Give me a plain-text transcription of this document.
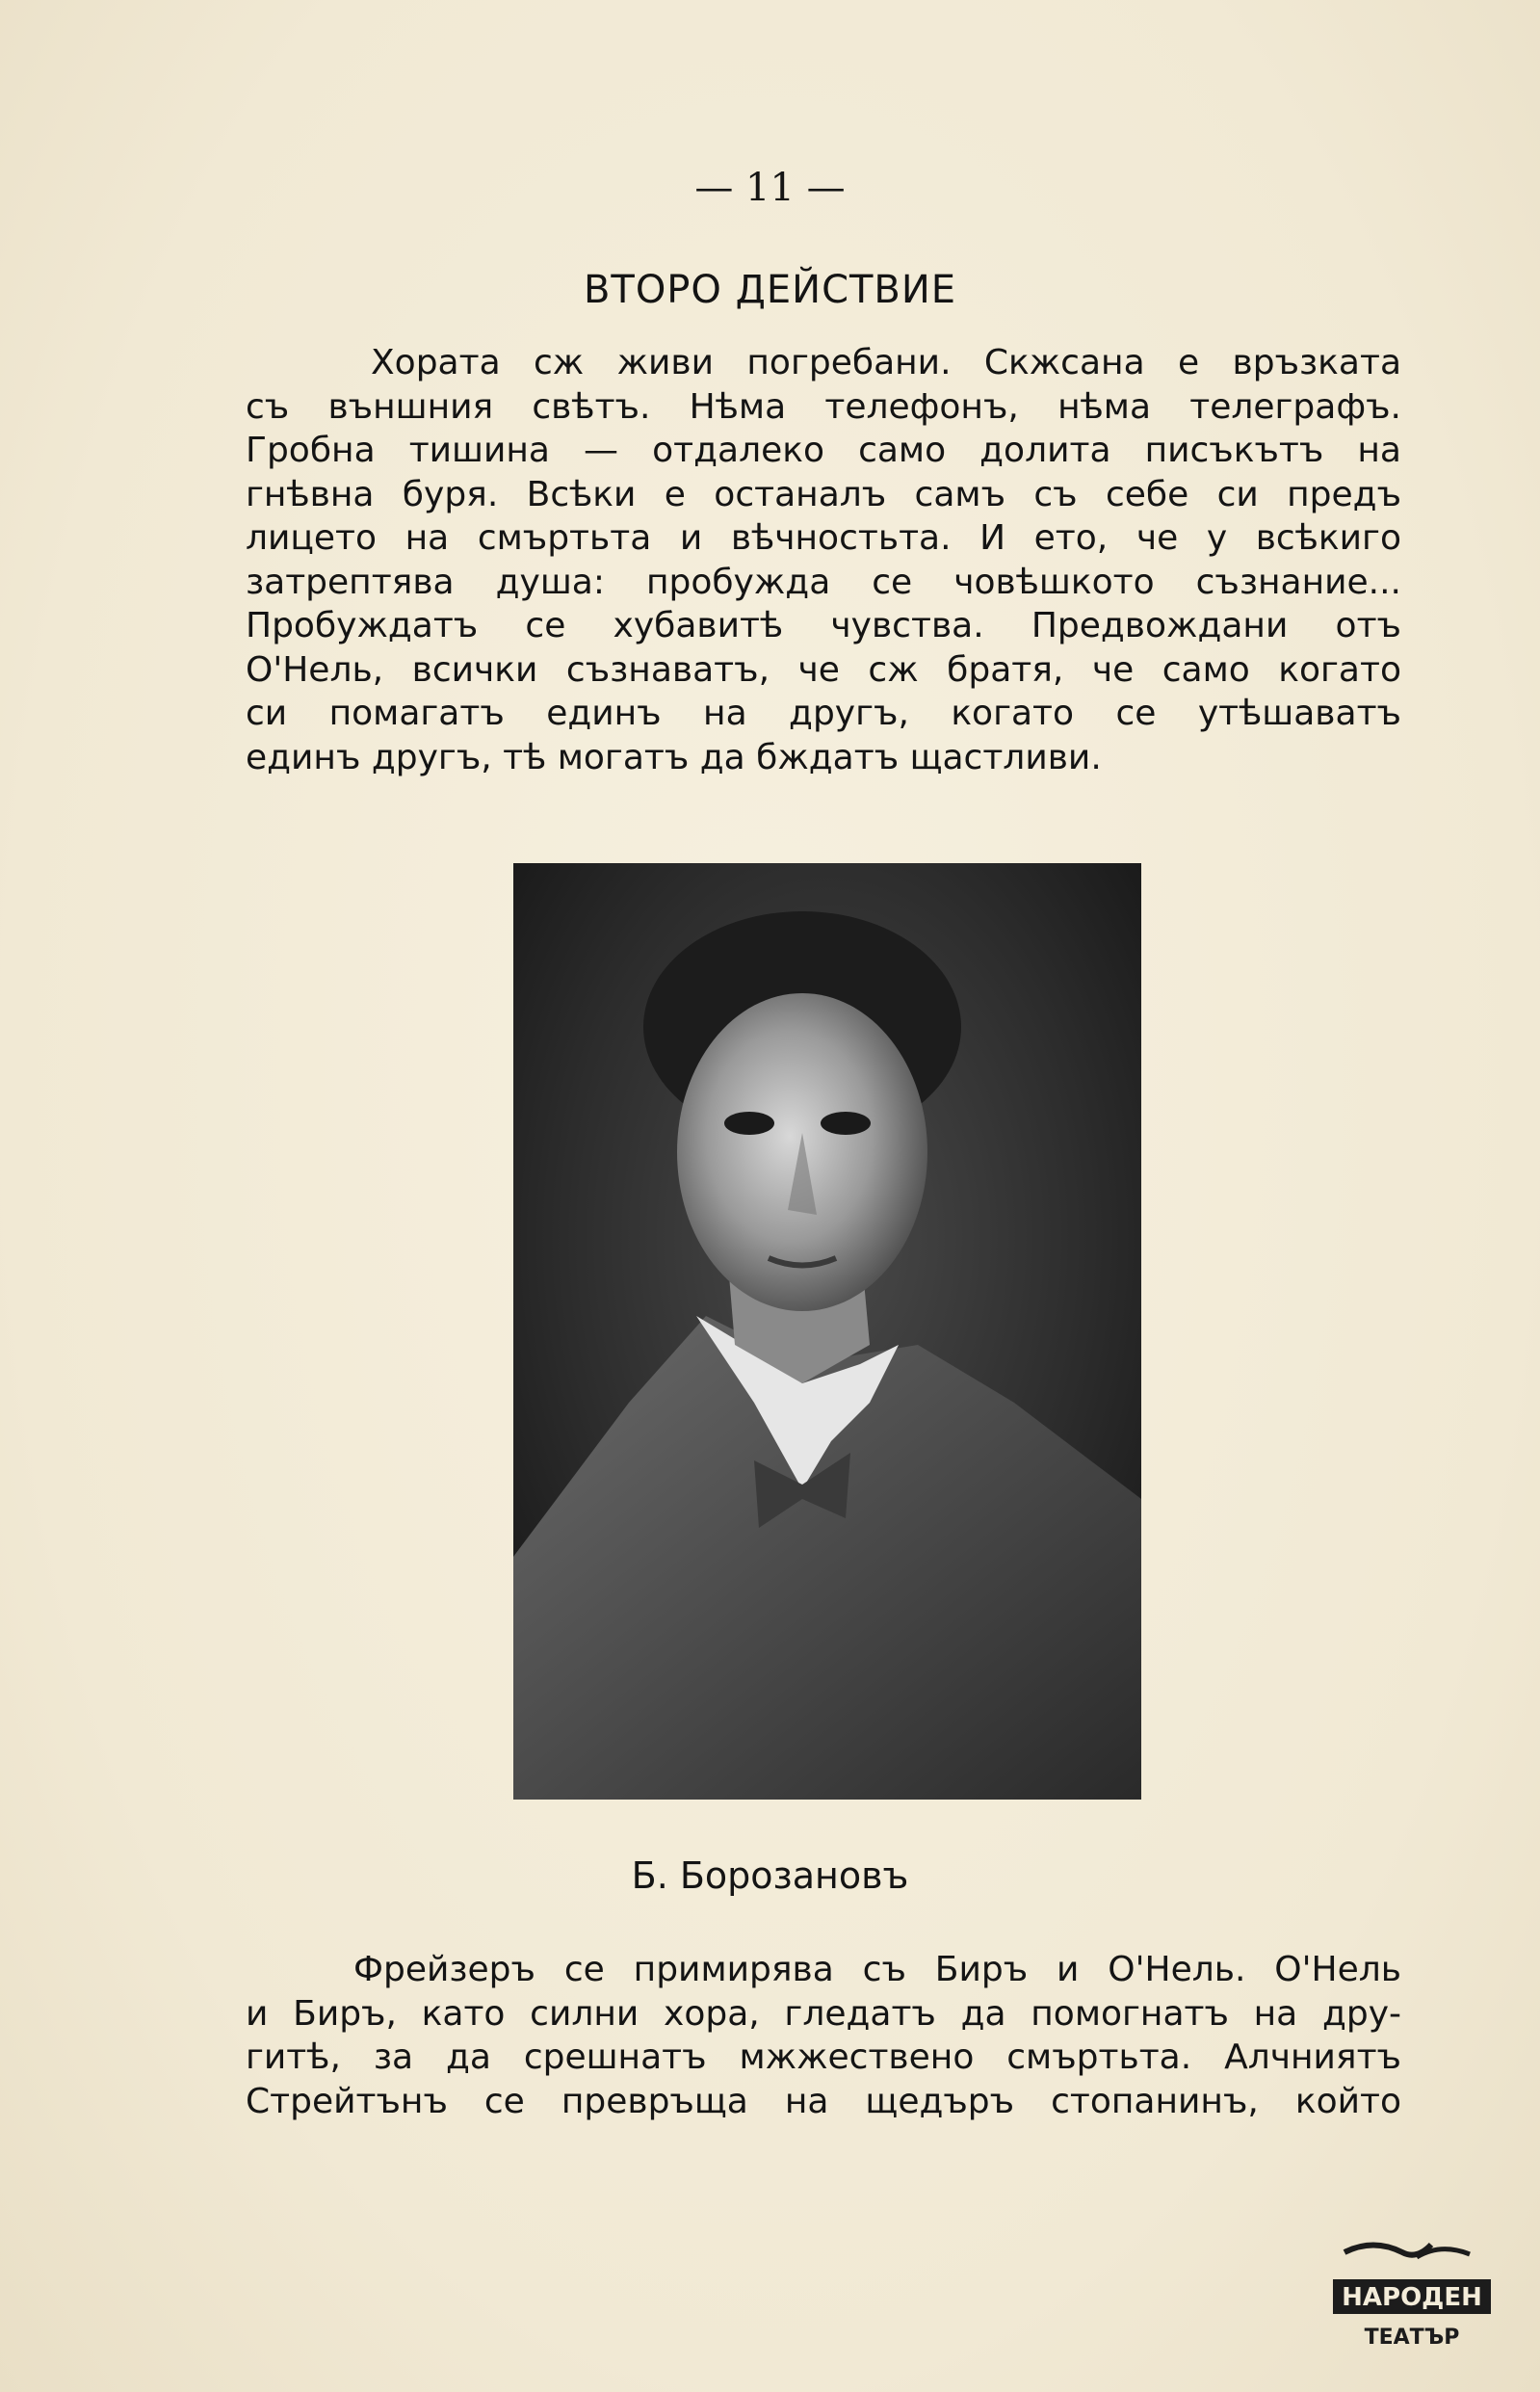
— 11 —
ВТОРО ДЕЙСТВИЕ
Хората сж живи погребани. Скжсана е връзката
съ външния свѣтъ. Нѣма телефонъ, нѣма телеграфъ.
Гробна тишина — отдалеко само долита писъкътъ на
гнѣвна буря. Всѣки е останалъ самъ съ себе си предъ
лицето на смъртьта и вѣчностьта. И ето, че у всѣкиго
затрептява душа: пробужда се човѣшкото съзнание...
Пробуждатъ се хубавитѣ чувства. Предвождани отъ
О'Нель, всички съзнаватъ, че сж братя, че само когато
си помагатъ единъ на другъ, когато се утѣшаватъ
единъ другъ, тѣ могатъ да бждатъ щастливи.
Б. Борозановъ
Фрейзеръ се примирява съ Биръ и О'Нель. О'Нель
и Биръ, като силни хора, гледатъ да помогнатъ на дру-
гитѣ, за да срешнатъ мжжествено смъртьта. Алчниятъ
Стрейтънъ се превръща на щедъръ стопанинъ, който
НАРОДЕН
ТЕАТЪР
